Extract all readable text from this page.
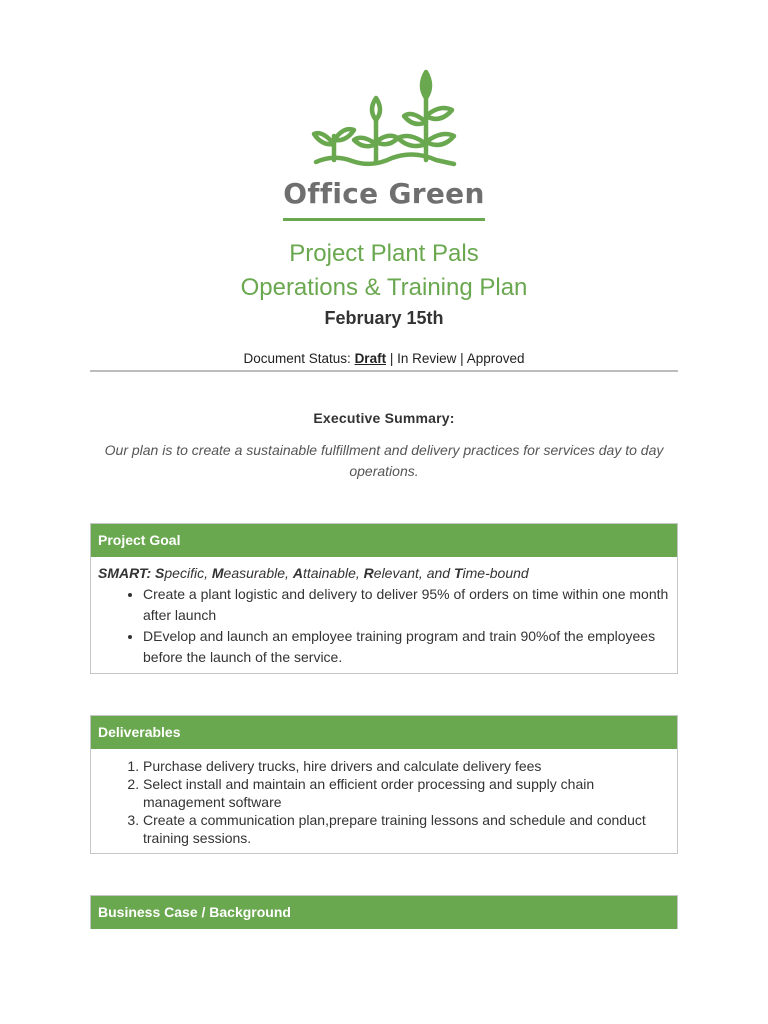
Office Green
Project Plant Pals
Operations & Training Plan
February 15th
Document Status: Draft | In Review | Approved
Executive Summary:
Our plan is to create a sustainable fulfillment and delivery practices for services day to day operations.
Project Goal
SMART: Specific, Measurable, Attainable, Relevant, and Time-bound
• Create a plant logistic and delivery to deliver 95% of orders on time within one month after launch
• DEvelop and launch an employee training program and train 90%of the employees before the launch of the service.
Deliverables
1. Purchase delivery trucks, hire drivers and calculate delivery fees
2. Select install and maintain an efficient order processing and supply chain management software
3. Create a communication plan,prepare training lessons and schedule and conduct training sessions.
Business Case / Background
